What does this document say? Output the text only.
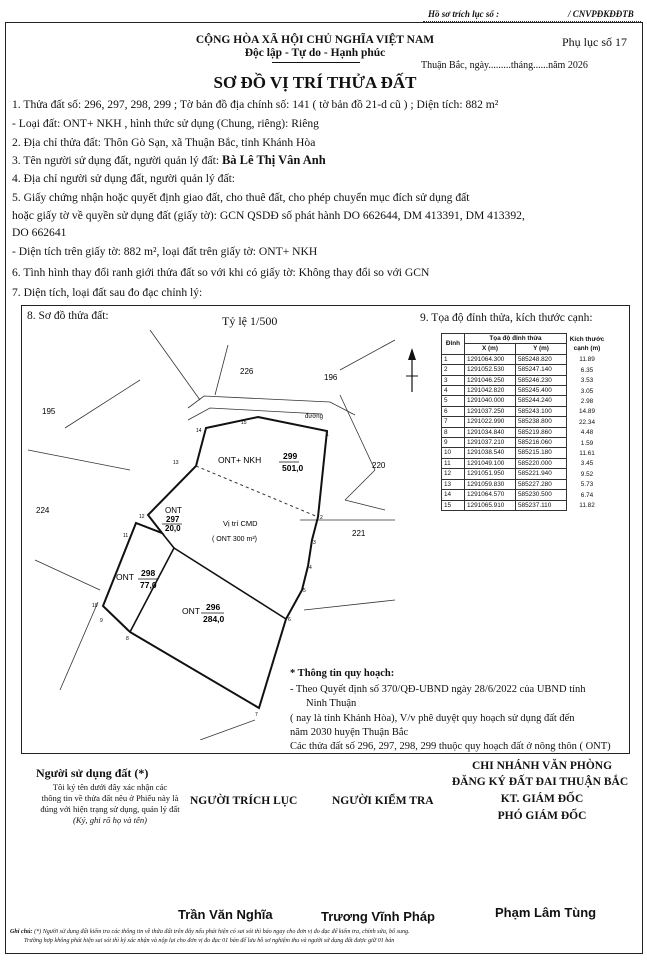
Hồ sơ trích lục số :	/ CNVPĐKĐĐTB
CỘNG HÒA XÃ HỘI CHỦ NGHĨA VIỆT NAM
Độc lập - Tự do - Hạnh phúc
Phụ lục số 17
Thuận Bắc, ngày.........tháng......năm 2026
SƠ ĐỒ VỊ TRÍ THỬA ĐẤT
1. Thửa đất số: 296, 297, 298, 299 ; Tờ bản đồ địa chính số: 141 ( tờ bản đồ 21-d cũ ) ; Diện tích: 882 m²
- Loại đất: ONT+ NKH , hình thức sử dụng (Chung, riêng): Riêng
2. Địa chỉ thửa đất: Thôn Gò Sạn, xã Thuận Bắc, tỉnh Khánh Hòa
3. Tên người sử dụng đất, người quản lý đất: Bà Lê Thị Vân Anh
4. Địa chỉ người sử dụng đất, người quản lý đất:
5. Giấy chứng nhận hoặc quyết định giao đất, cho thuê đất, cho phép chuyển mục đích sử dụng đất
hoặc giấy tờ về quyền sử dụng đất (giấy tờ): GCN QSDĐ số phát hành DO 662644, DM 413391, DM 413392,
DO 662641
- Diện tích trên giấy tờ: 882 m², loại đất trên giấy tờ: ONT+ NKH
6. Tình hình thay đổi ranh giới thửa đất so với khi có giấy tờ: Không thay đổi so với GCN
7. Diện tích, loại đất sau đo đạc chỉnh lý:
8. Sơ đồ thửa đất:	Tỷ lệ 1/500	9. Tọa độ đỉnh thửa, kích thước cạnh:
226
196
195
220
224
221
đường
1
2
3
4
5
6
7
8
9
10
11
12
13
14
15
ONT+ NKH	299
501,0
ONT
297
20,0
ONT 298
77,0
ONT 296
284,0
Vị trí CMD
( ONT 300 m²)
Đỉnh	Tọa độ đỉnh thửa		Kích thước cạnh (m)
	X (m)	Y (m)	
1	1291064.300	585248.820	11.89
2	1291052.530	585247.140	6.35
3	1291046.250	585246.230	3.53
4	1291042.820	585245.400	3.05
5	1291040.000	585244.240	2.98
6	1291037.250	585243.100	14.89
7	1291022.990	585238.800	22.34
8	1291034.840	585219.860	4.48
9	1291037.210	585216.060	1.59
10	1291038.540	585215.180	11.61
11	1291049.100	585220.000	3.45
12	1291051.950	585221.940	9.52
13	1291059.830	585227.280	5.73
14	1291064.570	585230.500	6.74
15	1291065.910	585237.110	11.82
* Thông tin quy hoạch:
- Theo Quyết định số 370/QĐ-UBND ngày 28/6/2022 của UBND tỉnh
Ninh Thuận
( nay là tỉnh Khánh Hòa), V/v phê duyệt quy hoạch sử dụng đất đến
năm 2030 huyện Thuận Bắc
Các thửa đất số 296, 297, 298, 299 thuộc quy hoạch đất ở nông thôn ( ONT)
Người sử dụng đất (*)
Tôi ký tên dưới đây xác nhận các
thông tin về thửa đất nêu ở Phiếu này là
đúng với hiện trạng sử dụng, quản lý đất
(Ký, ghi rõ họ và tên)
NGƯỜI TRÍCH LỤC	NGƯỜI KIỂM TRA
CHI NHÁNH VĂN PHÒNG
ĐĂNG KÝ ĐẤT ĐAI THUẬN BẮC
KT. GIÁM ĐỐC
PHÓ GIÁM ĐỐC
Trần Văn Nghĩa	Trương Vĩnh Pháp	Phạm Lâm Tùng
Ghi chú: (*) Người sử dụng đất kiểm tra các thông tin về thửa đất trên đây nếu phát hiện có sai sót thì báo ngay cho đơn vị đo đạc để kiểm tra, chỉnh sửa, bổ sung.
Trường hợp không phát hiện sai sót thì ký xác nhận và nộp lại cho đơn vị đo đạc 01 bản để lưu hồ sơ nghiệm thu và người sử dụng đất được giữ 01 bản
